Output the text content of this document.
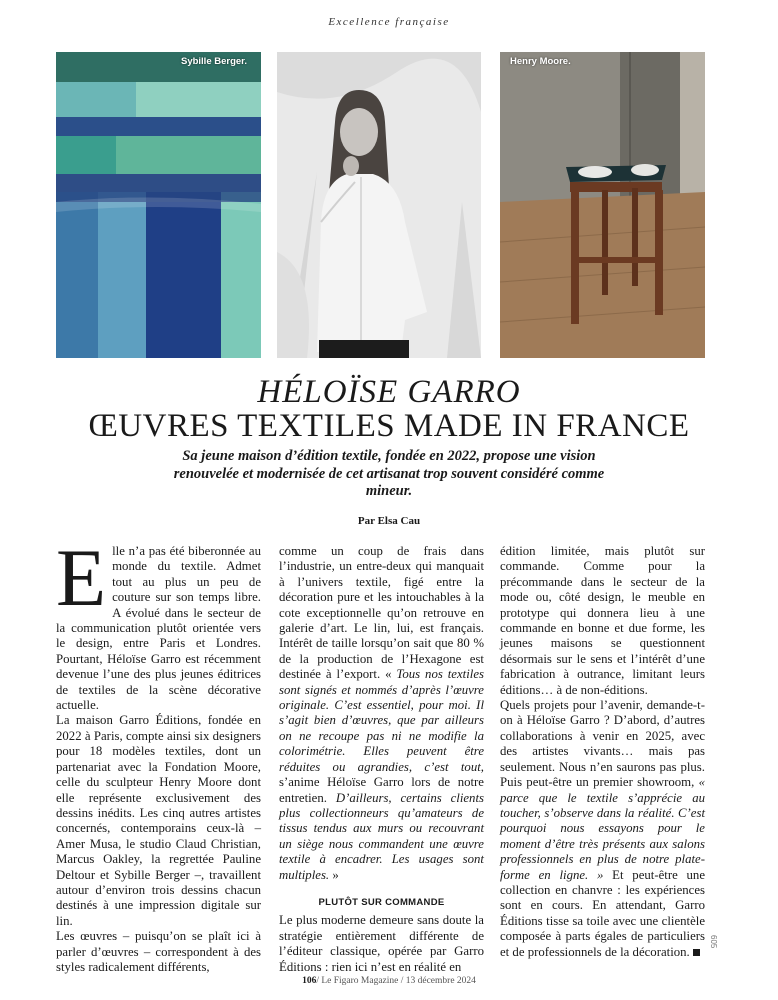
Excellence française
Sybille Berger.	Henry Moore.
HÉLOÏSE GARRO
ŒUVRES TEXTILES MADE IN FRANCE
Sa jeune maison d’édition textile, fondée en 2022, propose une vision renouvelée et modernisée de cet artisanat trop souvent considéré comme mineur.
Par Elsa Cau

Elle n’a pas été biberonnée au monde du textile. Admet tout au plus un peu de couture sur son temps libre. A évolué dans le secteur de la communication plutôt orientée vers le design, entre Paris et Londres. Pourtant, Héloïse Garro est récemment devenue l’une des plus jeunes éditrices de textiles de la scène décorative actuelle.

La maison Garro Éditions, fondée en 2022 à Paris, compte ainsi six designers pour 18 modèles textiles, dont un partenariat avec la Fondation Moore, celle du sculpteur Henry Moore dont elle représente exclusivement des dessins inédits. Les cinq autres artistes concernés, contemporains ceux-là – Amer Musa, le studio Claud Christian, Marcus Oakley, la regrettée Pauline Deltour et Sybille Berger –, travaillent autour d’environ trois dessins chacun destinés à une impression digitale sur lin.

Les œuvres – puisqu’on se plaît ici à parler d’œuvres – correspondent à des styles radicalement différents,

comme un coup de frais dans l’industrie, un entre-deux qui manquait à l’univers textile, figé entre la décoration pure et les intouchables à la cote exceptionnelle qu’on retrouve en galerie d’art. Le lin, lui, est français. Intérêt de taille lorsqu’on sait que 80 % de la production de l’Hexagone est destinée à l’export. « Tous nos textiles sont signés et nommés d’après l’œuvre originale. C’est essentiel, pour moi. Il s’agit bien d’œuvres, que par ailleurs on ne recoupe pas ni ne modifie la colorimétrie. Elles peuvent être réduites ou agrandies, c’est tout, s’anime Héloïse Garro lors de notre entretien. D’ailleurs, certains clients plus collectionneurs qu’amateurs de tissus tendus aux murs ou recouvrant un siège nous commandent une œuvre textile à encadrer. Les usages sont multiples. »

PLUTÔT SUR COMMANDE

Le plus moderne demeure sans doute la stratégie entièrement différente de l’éditeur classique, opérée par Garro Éditions : rien ici n’est en réalité en

édition limitée, mais plutôt sur commande. Comme pour la précommande dans le secteur de la mode ou, côté design, le meuble en prototype qui donnera lieu à une commande en bonne et due forme, les jeunes maisons se questionnent désormais sur le sens et l’intérêt d’une fabrication à outrance, limitant leurs éditions… à de non-éditions.

Quels projets pour l’avenir, demande-t-on à Héloïse Garro ? D’abord, d’autres collaborations à venir en 2025, avec des artistes vivants… mais pas seulement. Nous n’en saurons pas plus. Puis peut-être un premier showroom, « parce que le textile s’apprécie au toucher, s’observe dans la réalité. C’est pourquoi nous essayons pour le moment d’être très présents aux salons professionnels en plus de notre plate-forme en ligne. » Et peut-être une collection en chanvre : les expériences sont en cours. En attendant, Garro Éditions tisse sa toile avec une clientèle composée à parts égales de particuliers et de professionnels de la décoration.

106/ Le Figaro Magazine / 13 décembre 2024
605
